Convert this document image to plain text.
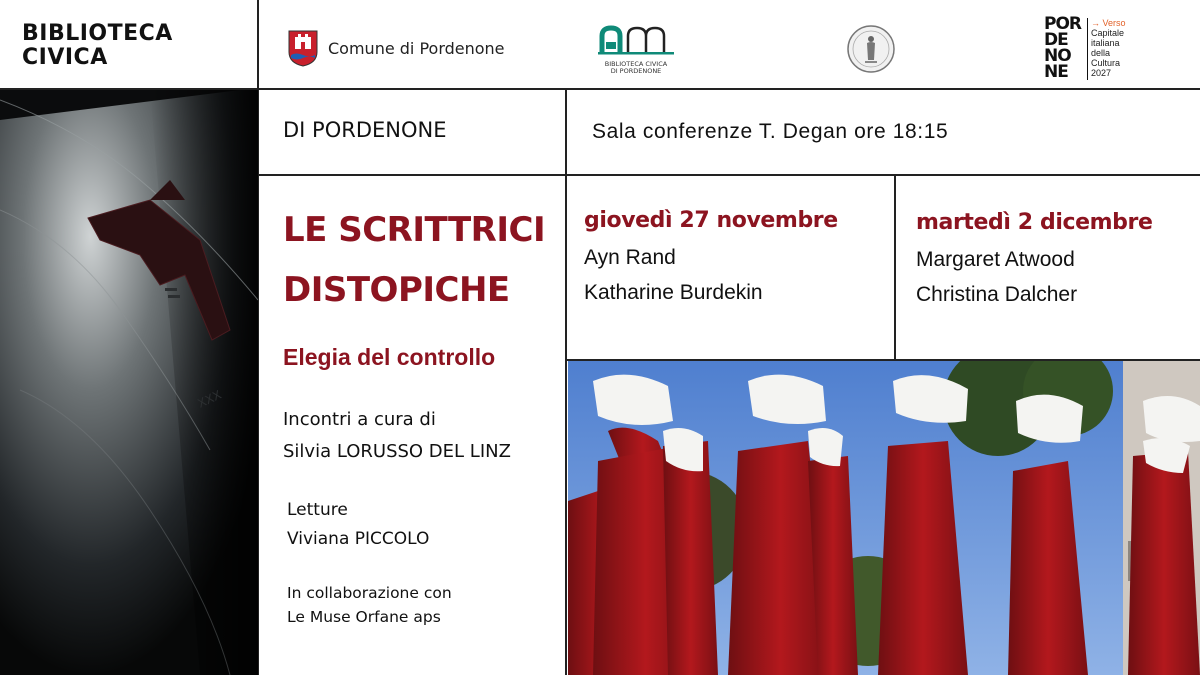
BIBLIOTECA
CIVICA	Comune di Pordenone
BIBLIOTECA CIVICA
DI PORDENONE
POR
DE
NO
NE
→ Verso
Capitale
italiana
della
Cultura
2027
XXX
DI PORDENONE	Sala conferenze T. Degan ore 18:15
LE SCRITTRICI
DISTOPICHE
Elegia del controllo
Incontri a cura di
Silvia LORUSSO DEL LINZ
Letture
Viviana PICCOLO
In collaborazione con
Le Muse Orfane aps
giovedì 27 novembre
Ayn Rand
Katharine Burdekin
martedì 2 dicembre
Margaret Atwood
Christina Dalcher
